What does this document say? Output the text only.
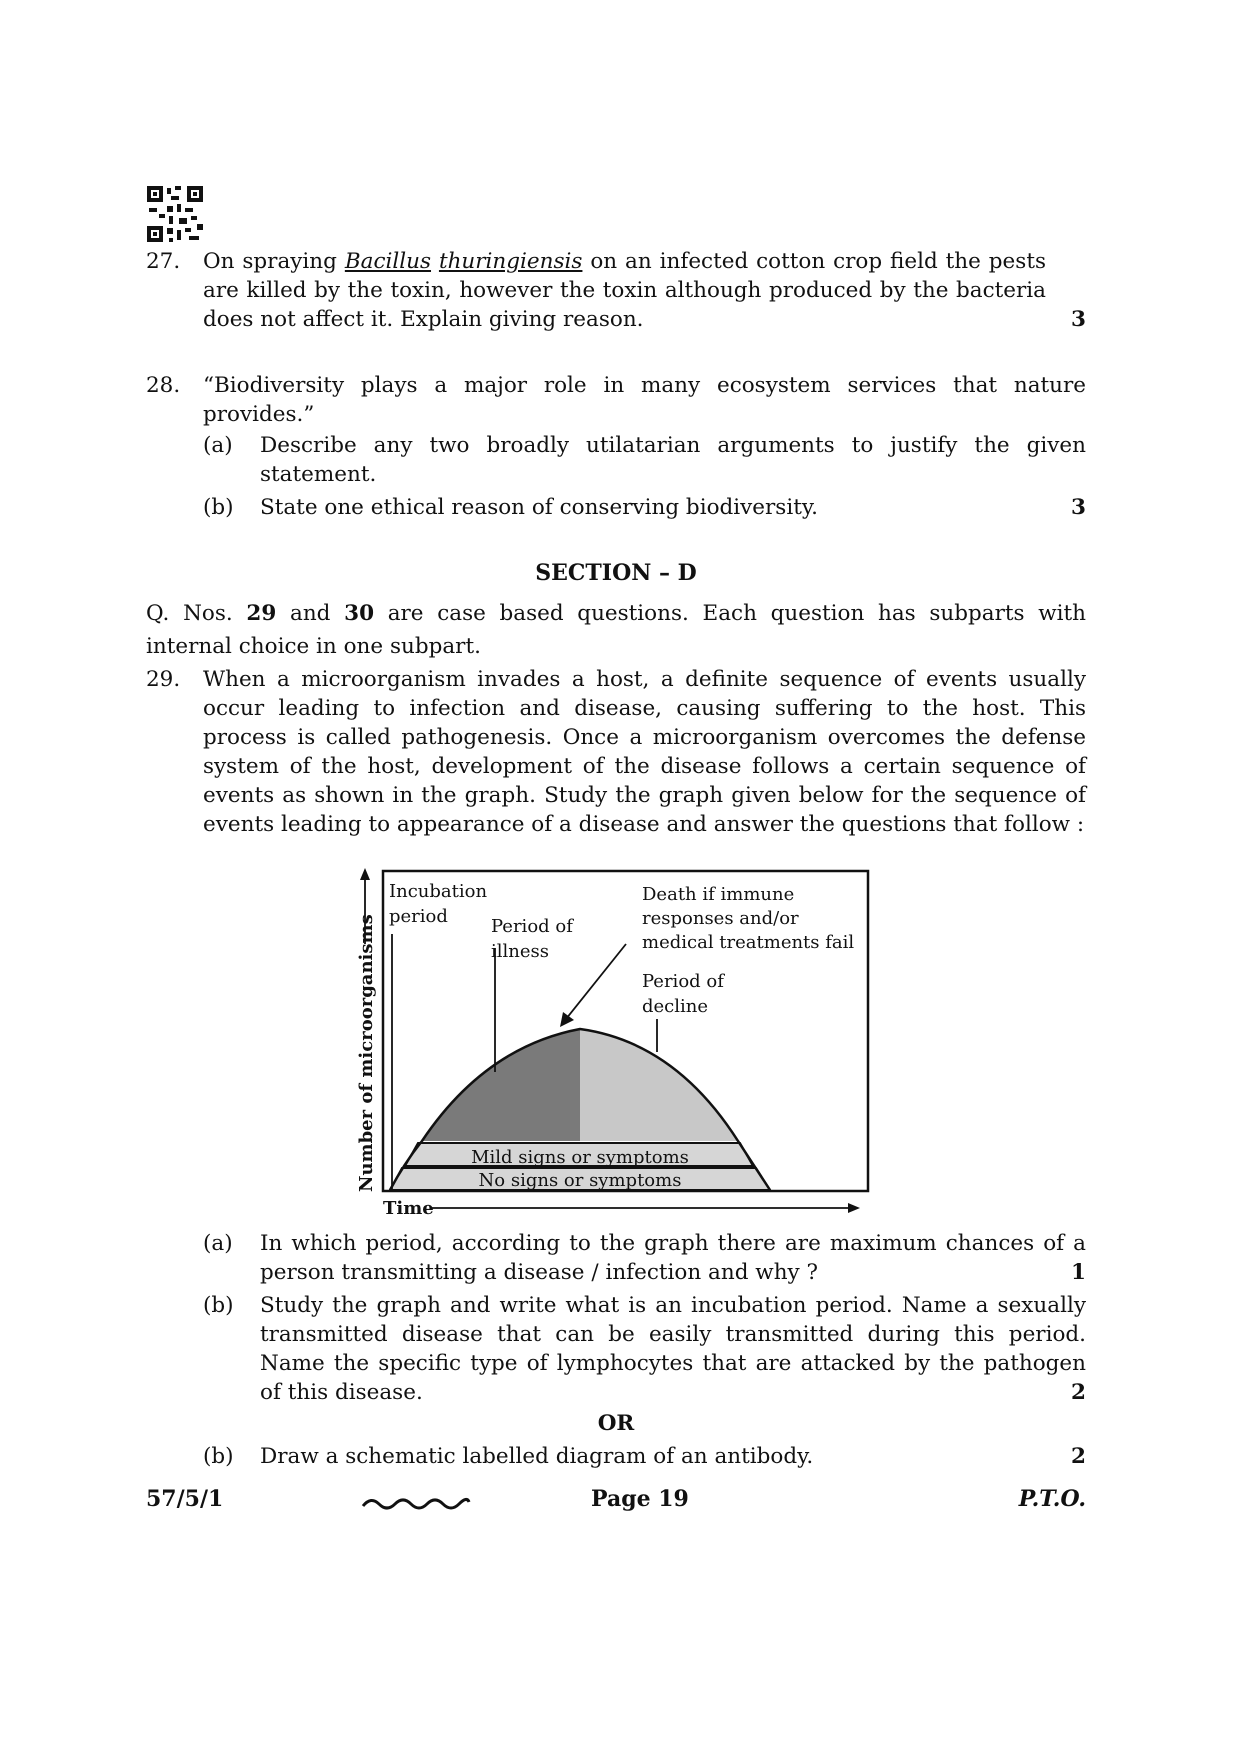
27.	On spraying Bacillus thuringiensis on an infected cotton crop field the pests are killed by the toxin, however the toxin although produced by the bacteria does not affect it. Explain giving reason.	3
28.	“Biodiversity plays a major role in many ecosystem services that nature provides.”
(a) Describe any two broadly utilatarian arguments to justify the given statement.
(b) State one ethical reason of conserving biodiversity.	3
SECTION – D
Q. Nos. 29 and 30 are case based questions. Each question has subparts with internal choice in one subpart.
29.	When a microorganism invades a host, a definite sequence of events usually occur leading to infection and disease, causing suffering to the host. This process is called pathogenesis. Once a microorganism overcomes the defense system of the host, development of the disease follows a certain sequence of events as shown in the graph. Study the graph given below for the sequence of events leading to appearance of a disease and answer the questions that follow :
Incubation
period Period of
illness
Death if immune
responses and/or
medical treatments fail
Period of
decline
Mild signs or symptoms
No signs or symptoms
Number of microorganisms
Time
(a) In which period, according to the graph there are maximum chances of a person transmitting a disease / infection and why ?	1
(b) Study the graph and write what is an incubation period. Name a sexually transmitted disease that can be easily transmitted during this period. Name the specific type of lymphocytes that are attacked by the pathogen of this disease.	2
OR
(b) Draw a schematic labelled diagram of an antibody.	2
57/5/1	Page 19	P.T.O.
